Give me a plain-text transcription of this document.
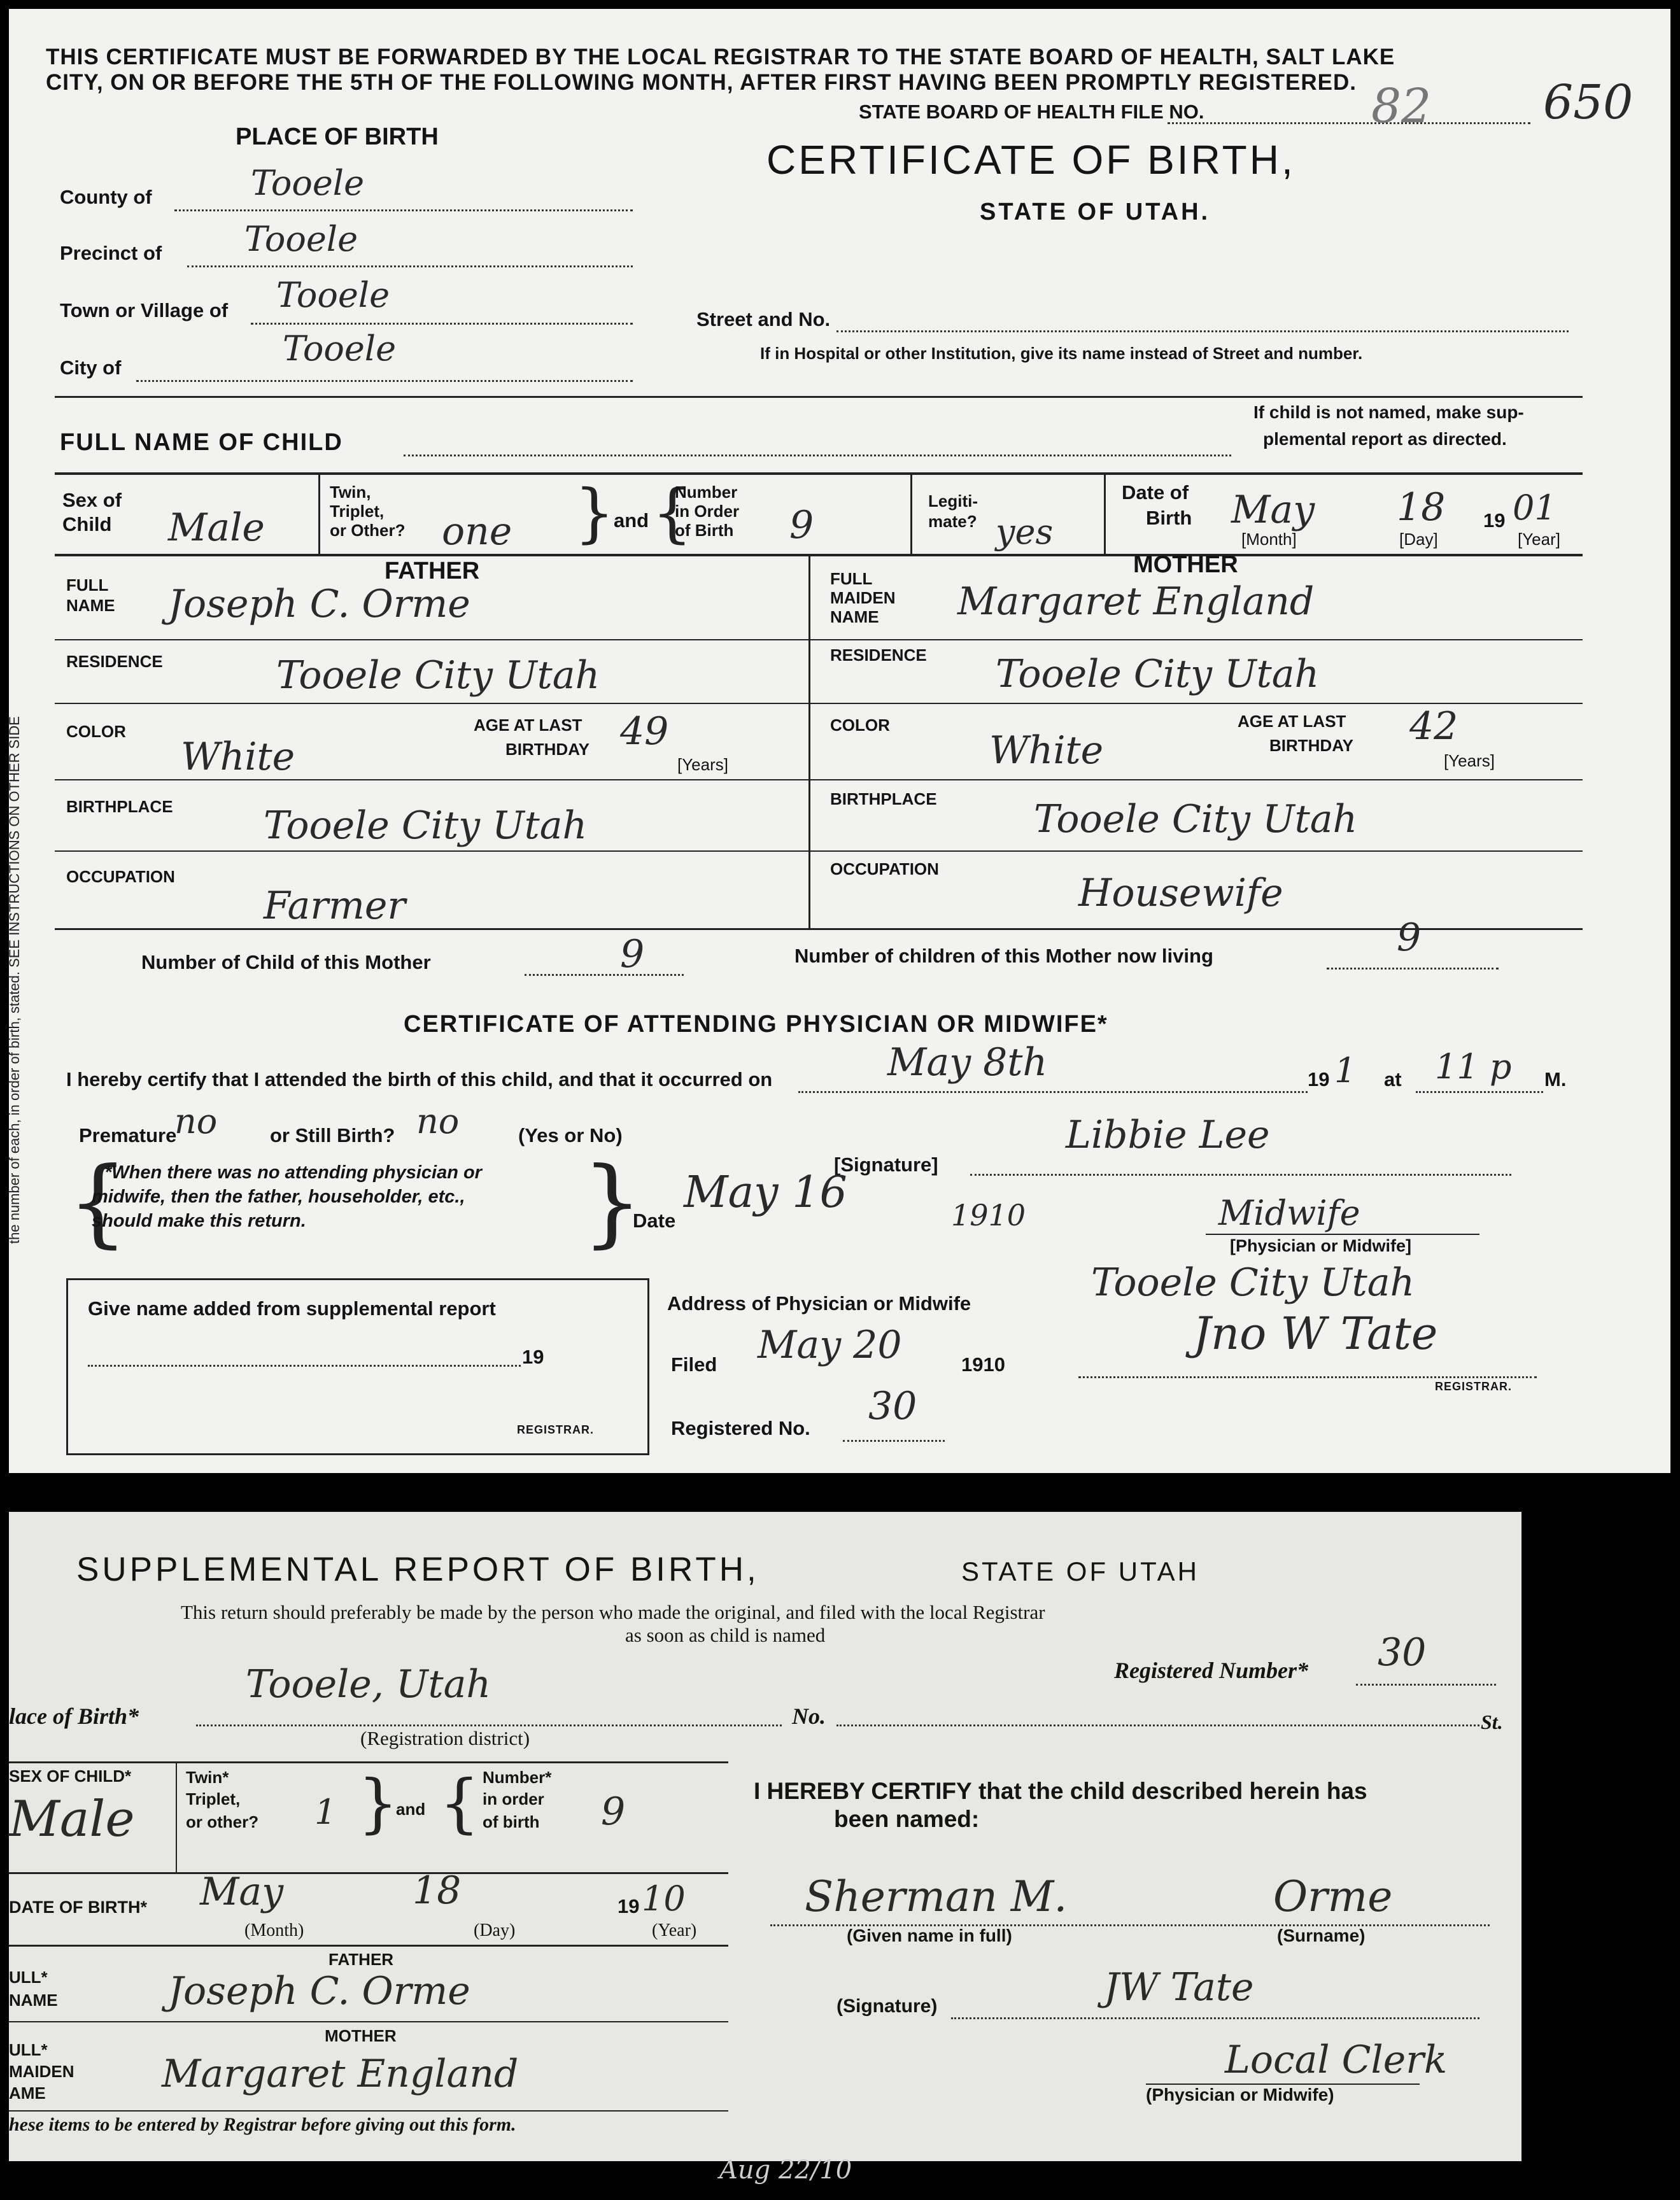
THIS CERTIFICATE MUST BE FORWARDED BY THE LOCAL REGISTRAR TO THE STATE BOARD OF HEALTH, SALT LAKE
CITY, ON OR BEFORE THE 5TH OF THE FOLLOWING MONTH, AFTER FIRST HAVING BEEN PROMPTLY REGISTERED.
STATE BOARD OF HEALTH FILE NO.	82 650
CERTIFICATE OF BIRTH,
STATE OF UTAH.
PLACE OF BIRTH
County of	Tooele
Precinct of Tooele
Town or Village of Tooele
City of	Tooele
Street and No.
If in Hospital or other Institution, give its name instead of Street and number.
FULL NAME OF CHILD
If child is not named, make sup-
plemental report as directed.
Sex of
Child Male
Twin,
Triplet,
or Other? one }
and {
Number
in Order
of Birth 9
Legiti-
mate? yes
Date of
Birth May 18 19 01
[Month]	[Day]	[Year]
FATHER	MOTHER
FULL
NAME Joseph C. Orme
FULL
MAIDEN
NAME Margaret England
RESIDENCE	Tooele City Utah	RESIDENCE Tooele City Utah
COLOR
White
AGE AT LAST
BIRTHDAY 49
[Years]
COLOR
White
AGE AT LAST
BIRTHDAY 42
[Years]
BIRTHPLACE Tooele City Utah
BIRTHPLACE	Tooele City Utah
OCCUPATION
Farmer
OCCUPATION
Housewife
Number of Child of this Mother	9	Number of children of this Mother now living	9
CERTIFICATE OF ATTENDING PHYSICIAN OR MIDWIFE*
I hereby certify that I attended the birth of this child, and that it occurred on	May 8th	19 1 at 11 p M.
Premature
no	or Still Birth? no	(Yes or No)
{
*When there was no attending physician or
midwife, then the father, householder, etc.,
should make this return.	}	[Signature]
Libbie Lee
Date
May 16	1910	Midwife
[Physician or Midwife]
Give name added from supplemental report
19
REGISTRAR.
Address of Physician or Midwife	Tooele City Utah
Filed May 20	1910
Jno W Tate
REGISTRAR.
Registered No. 30
the number of each, in order of birth, stated. SEE INSTRUCTIONS ON OTHER SIDE
SUPPLEMENTAL REPORT OF BIRTH,	STATE OF UTAH
This return should preferably be made by the person who made the original, and filed with the local Registrar
as soon as child is named
Registered Number* 30
lace of Birth*
Tooele, Utah
(Registration district)
No.	St.
SEX OF CHILD*
Male
Twin*
Triplet,
or other? 1 }
and { Number*
in order
of birth 9
DATE OF BIRTH* May	18	19 10
(Month)	(Day)	(Year)
FATHER
ULL*
NAME	Joseph C. Orme
MOTHER
ULL*
MAIDEN
AME	Margaret England
hese items to be entered by Registrar before giving out this form.
I HEREBY CERTIFY that the child described herein has
been named:
Sherman M.	Orme
(Given name in full)	(Surname)
(Signature)	JW Tate
Local Clerk
(Physician or Midwife)
Aug 22/10
